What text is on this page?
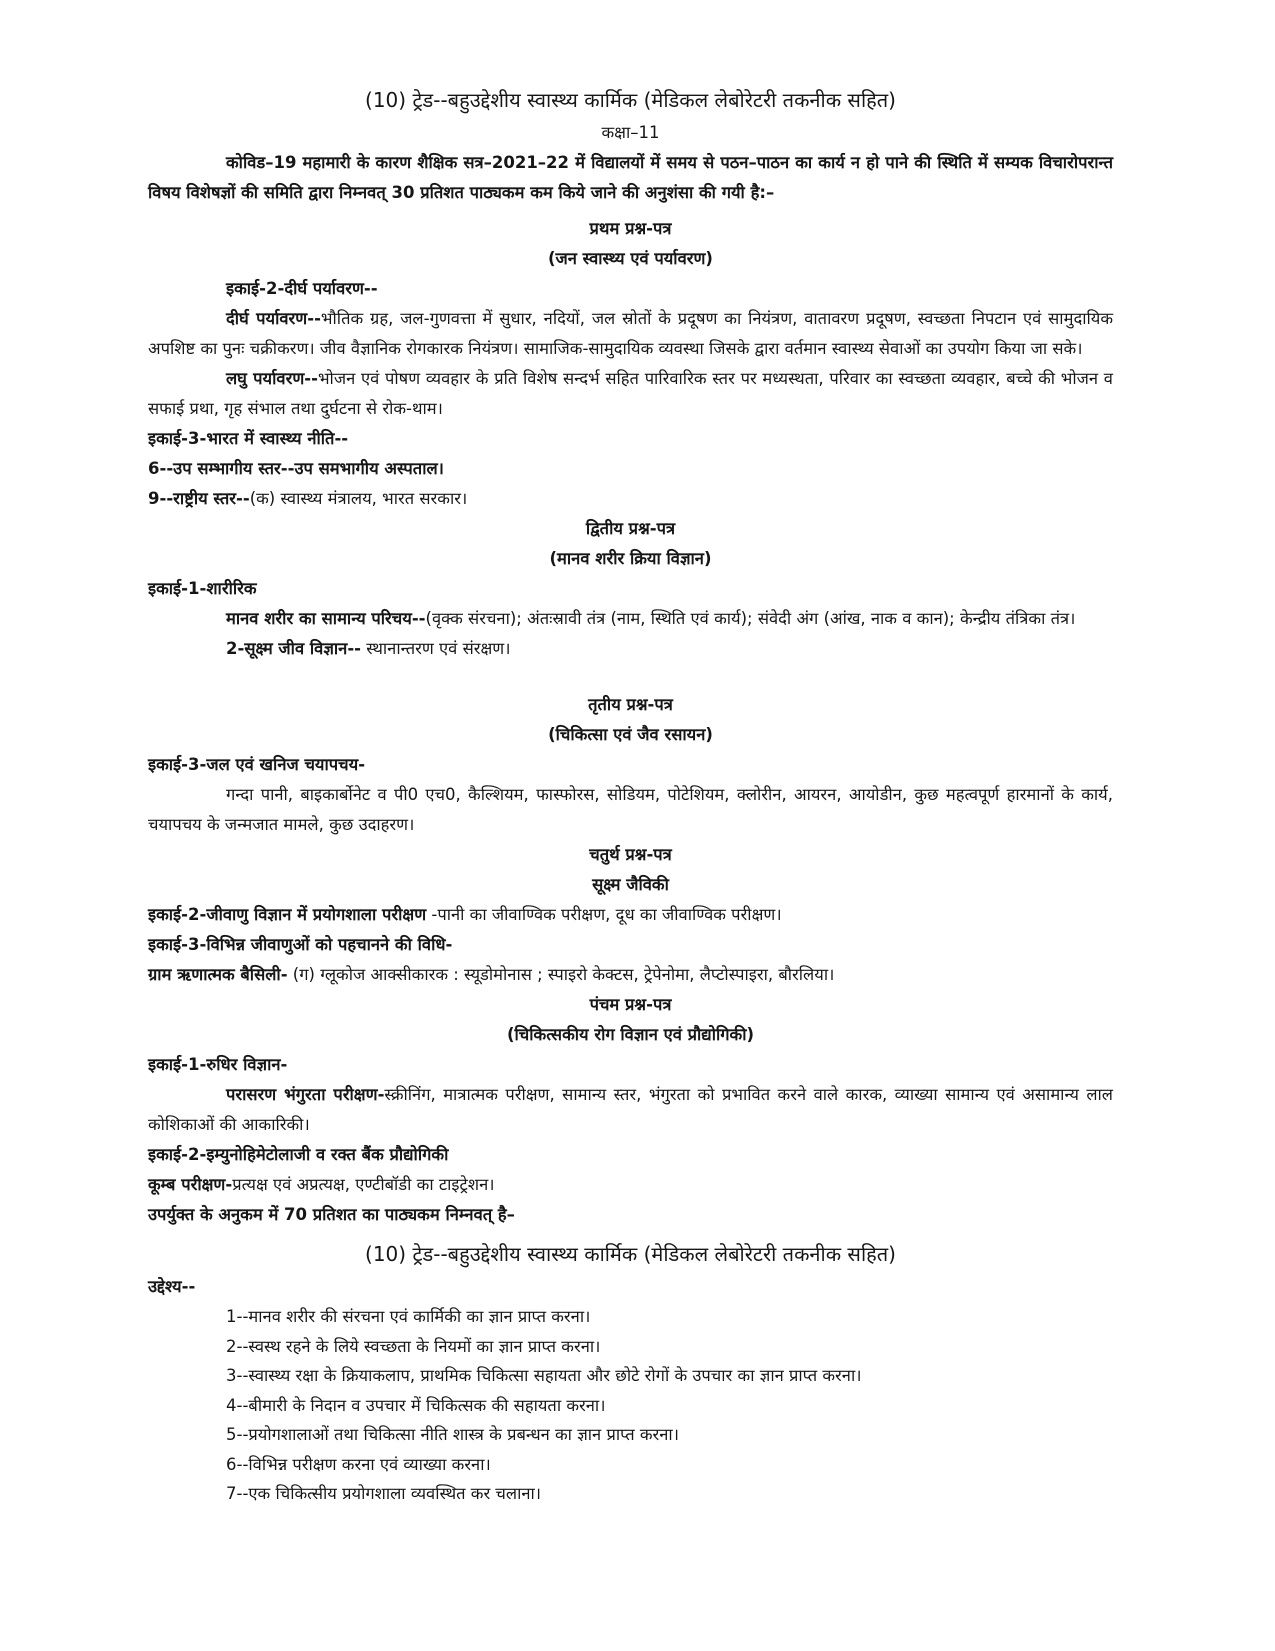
(10) ट्रेड--बहुउद्देशीय स्वास्थ्य कार्मिक (मेडिकल लेबोरेटरी तकनीक सहित)
कक्षा–11

कोविड–19 महामारी के कारण शैक्षिक सत्र–2021–22 में विद्यालयों में समय से पठन–पाठन का कार्य न हो पाने की स्थिति में सम्यक विचारोपरान्त विषय विशेषज्ञों की समिति द्वारा निम्नवत् 30 प्रतिशत पाठ्यकम कम किये जाने की अनुशंसा की गयी है:–

प्रथम प्रश्न-पत्र
(जन स्वास्थ्य एवं पर्यावरण)
इकाई-2-दीर्घ पर्यावरण--

दीर्घ पर्यावरण--भौतिक ग्रह, जल-गुणवत्ता में सुधार, नदियों, जल स्रोतों के प्रदूषण का नियंत्रण, वातावरण प्रदूषण, स्वच्छता निपटान एवं सामुदायिक अपशिष्ट का पुनः चक्रीकरण। जीव वैज्ञानिक रोगकारक नियंत्रण। सामाजिक-सामुदायिक व्यवस्था जिसके द्वारा वर्तमान स्वास्थ्य सेवाओं का उपयोग किया जा सके।

लघु पर्यावरण--भोजन एवं पोषण व्यवहार के प्रति विशेष सन्दर्भ सहित पारिवारिक स्तर पर मध्यस्थता, परिवार का स्वच्छता व्यवहार, बच्चे की भोजन व सफाई प्रथा, गृह संभाल तथा दुर्घटना से रोक-थाम।

इकाई-3-भारत में स्वास्थ्य नीति--
6--उप सम्भागीय स्तर--उप समभागीय अस्पताल।
9--राष्ट्रीय स्तर--(क) स्वास्थ्य मंत्रालय, भारत सरकार।
द्वितीय प्रश्न-पत्र
(मानव शरीर क्रिया विज्ञान)
इकाई-1-शारीरिक

मानव शरीर का सामान्य परिचय--(वृक्क संरचना); अंतःस्रावी तंत्र (नाम, स्थिति एवं कार्य); संवेदी अंग (आंख, नाक व कान); केन्द्रीय तंत्रिका तंत्र।

2-सूक्ष्म जीव विज्ञान-- स्थानान्तरण एवं संरक्षण।
तृतीय प्रश्न-पत्र
(चिकित्सा एवं जैव रसायन)
इकाई-3-जल एवं खनिज चयापचय-

गन्दा पानी, बाइकार्बोनेट व पी0 एच0, कैल्शियम, फास्फोरस, सोडियम, पोटेशियम, क्लोरीन, आयरन, आयोडीन, कुछ महत्वपूर्ण हारमानों के कार्य, चयापचय के जन्मजात मामले, कुछ उदाहरण।

चतुर्थ प्रश्न-पत्र
सूक्ष्म जैविकी
इकाई-2-जीवाणु विज्ञान में प्रयोगशाला परीक्षण -पानी का जीवाण्विक परीक्षण, दूध का जीवाण्विक परीक्षण।
इकाई-3-विभिन्न जीवाणुओं को पहचानने की विधि-
ग्राम ऋणात्मक बैसिली- (ग) ग्लूकोज आक्सीकारक : स्यूडोमोनास ; स्पाइरो केक्टस, ट्रेपेनोमा, लैप्टोस्पाइरा, बौरलिया।
पंचम प्रश्न-पत्र
(चिकित्सकीय रोग विज्ञान एवं प्रौद्योगिकी)
इकाई-1-रुधिर विज्ञान-

परासरण भंगुरता परीक्षण-स्क्रीनिंग, मात्रात्मक परीक्षण, सामान्य स्तर, भंगुरता को प्रभावित करने वाले कारक, व्याख्या सामान्य एवं असामान्य लाल कोशिकाओं की आकारिकी।

इकाई-2-इम्युनोहिमेटोलाजी व रक्त बैंक प्रौद्योगिकी
कूम्ब परीक्षण-प्रत्यक्ष एवं अप्रत्यक्ष, एण्टीबॉडी का टाइट्रेशन।
उपर्युक्त के अनुकम में 70 प्रतिशत का पाठ्यकम निम्नवत् है–
(10) ट्रेड--बहुउद्देशीय स्वास्थ्य कार्मिक (मेडिकल लेबोरेटरी तकनीक सहित)
उद्देश्य--
1--मानव शरीर की संरचना एवं कार्मिकी का ज्ञान प्राप्त करना।
2--स्वस्थ रहने के लिये स्वच्छता के नियमों का ज्ञान प्राप्त करना।
3--स्वास्थ्य रक्षा के क्रियाकलाप, प्राथमिक चिकित्सा सहायता और छोटे रोगों के उपचार का ज्ञान प्राप्त करना।
4--बीमारी के निदान व उपचार में चिकित्सक की सहायता करना।
5--प्रयोगशालाओं तथा चिकित्सा नीति शास्त्र के प्रबन्धन का ज्ञान प्राप्त करना।
6--विभिन्न परीक्षण करना एवं व्याख्या करना।
7--एक चिकित्सीय प्रयोगशाला व्यवस्थित कर चलाना।
